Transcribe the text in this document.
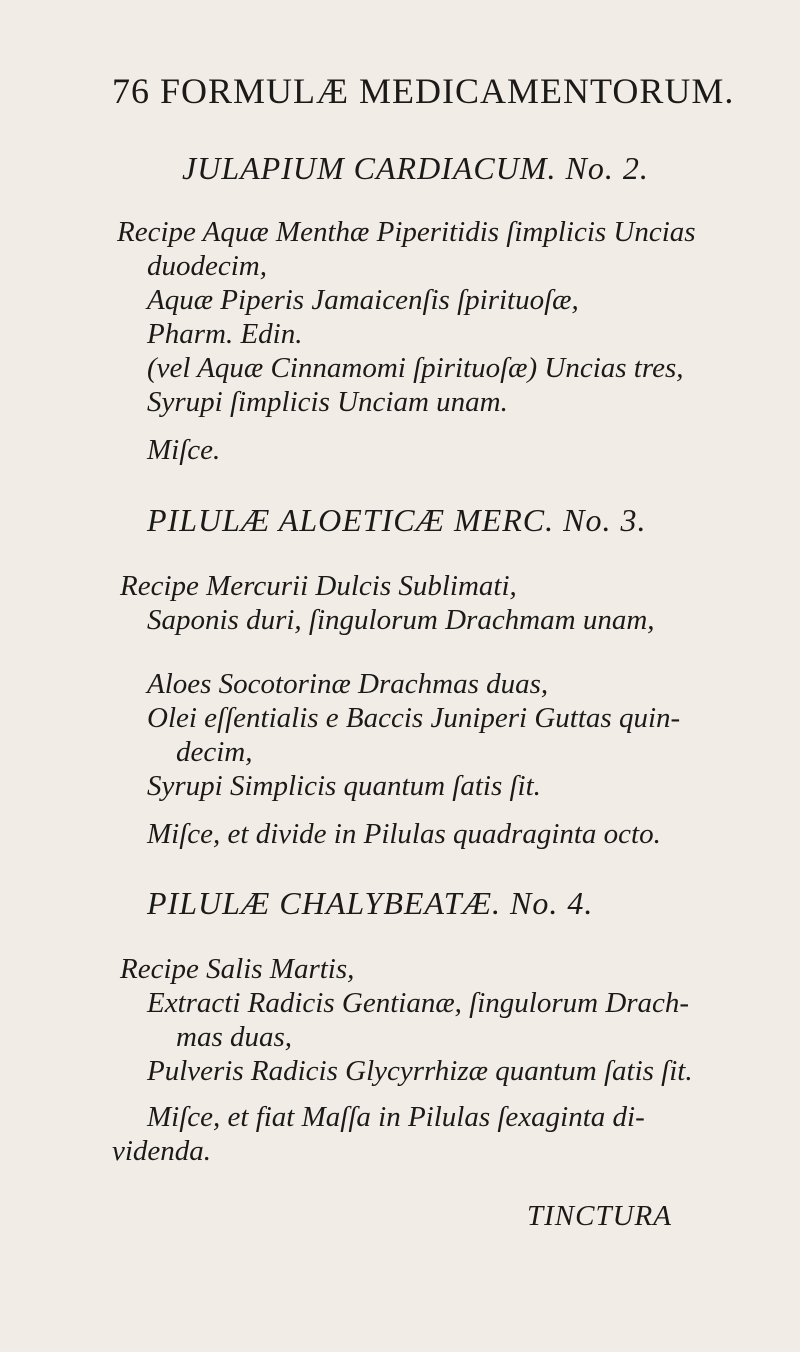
76 FORMULÆ MEDICAMENTORUM.
JULAPIUM CARDIACUM. No. 2.
Recipe Aquæ Menthæ Piperitidis ſimplicis Uncias
duodecim,
Aquæ Piperis Jamaicenſis ſpirituoſæ,
Pharm. Edin.
(vel Aquæ Cinnamomi ſpirituoſæ) Uncias tres,
Syrupi ſimplicis Unciam unam.
Miſce.
PILULÆ ALOETICÆ MERC. No. 3.
Recipe Mercurii Dulcis Sublimati,
Saponis duri, ſingulorum Drachmam unam,
Aloes Socotorinæ Drachmas duas,
Olei eſſentialis e Baccis Juniperi Guttas quin-
decim,
Syrupi Simplicis quantum ſatis ſit.
Miſce, et divide in Pilulas quadraginta octo.
PILULÆ CHALYBEATÆ. No. 4.
Recipe Salis Martis,
Extracti Radicis Gentianæ, ſingulorum Drach-
mas duas,
Pulveris Radicis Glycyrrhizæ quantum ſatis ſit.
Miſce, et fiat Maſſa in Pilulas ſexaginta di-
videnda.
TINCTURA
